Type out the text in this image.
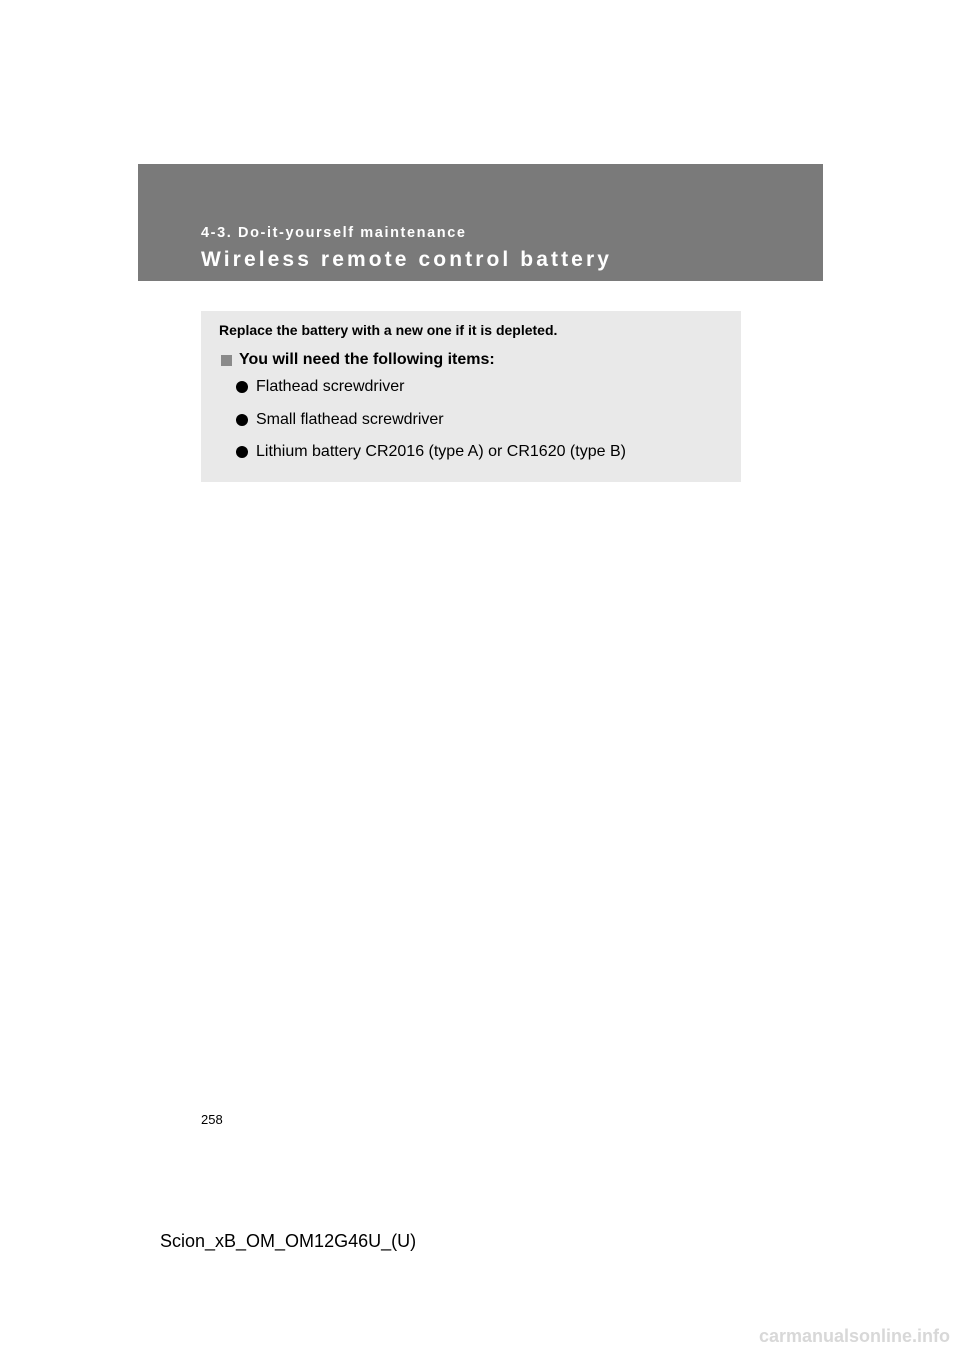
4-3. Do-it-yourself maintenance
Wireless remote control battery
Replace the battery with a new one if it is depleted.
You will need the following items:
Flathead screwdriver
Small flathead screwdriver
Lithium battery CR2016 (type A) or CR1620 (type B)
258
Scion_xB_OM_OM12G46U_(U)
carmanualsonline.info
